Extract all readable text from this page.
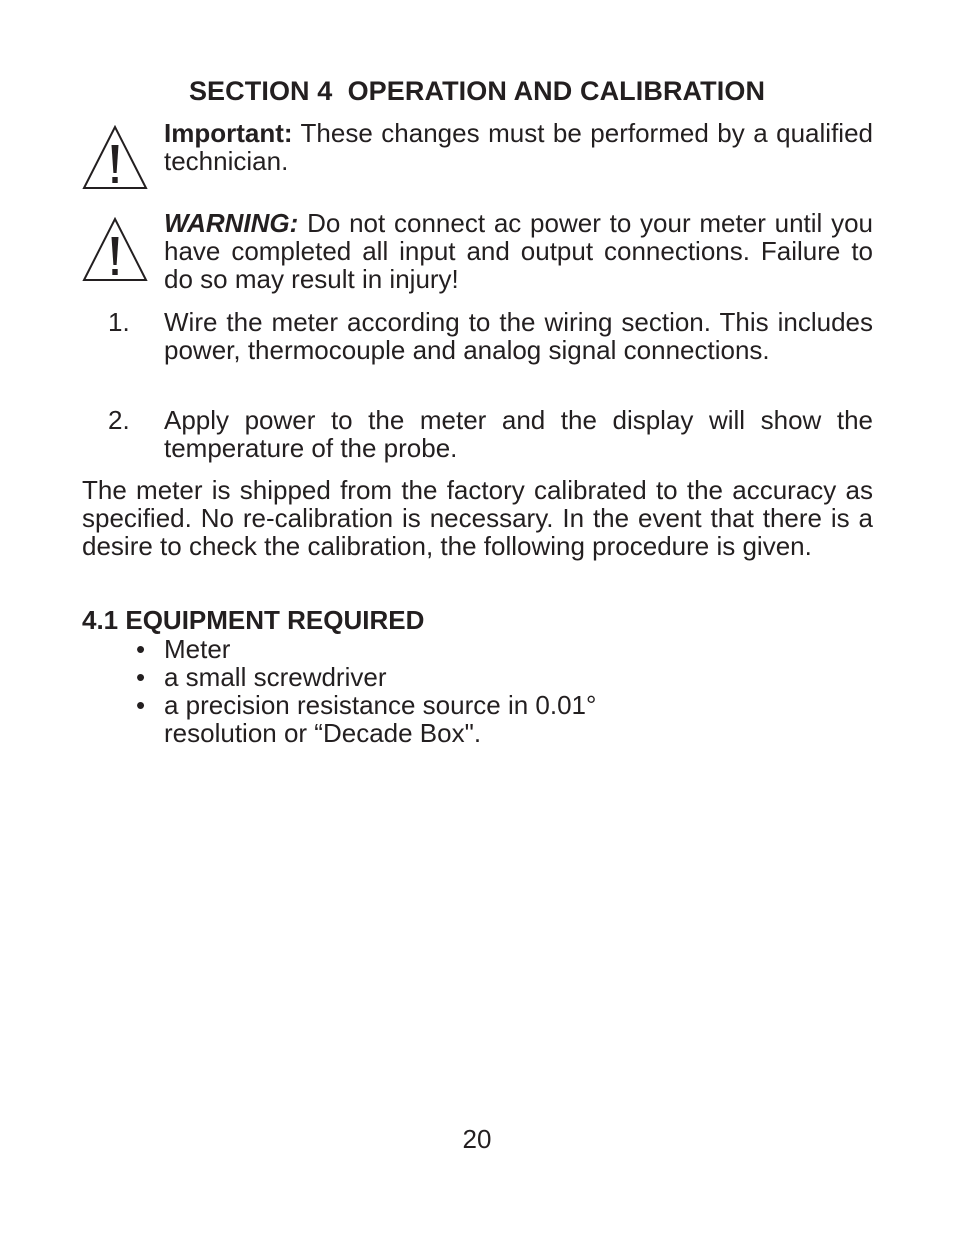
SECTION 4  OPERATION AND CALIBRATION
Important: These changes must be performed by a qualified technician.
WARNING: Do not connect ac power to your meter until you have completed all input and output connections. Failure to do so may result in injury!
1. Wire the meter according to the wiring section. This includes power, thermocouple and analog signal connections.
2. Apply power to the meter and the display will show the temperature of the probe.
The meter is shipped from the factory calibrated to the accuracy as specified. No re-calibration is necessary. In the event that there is a desire to check the calibration, the following procedure is given.
4.1 EQUIPMENT REQUIRED
• Meter
• a small screwdriver
• a precision resistance source in 0.01° resolution or “Decade Box".
20
